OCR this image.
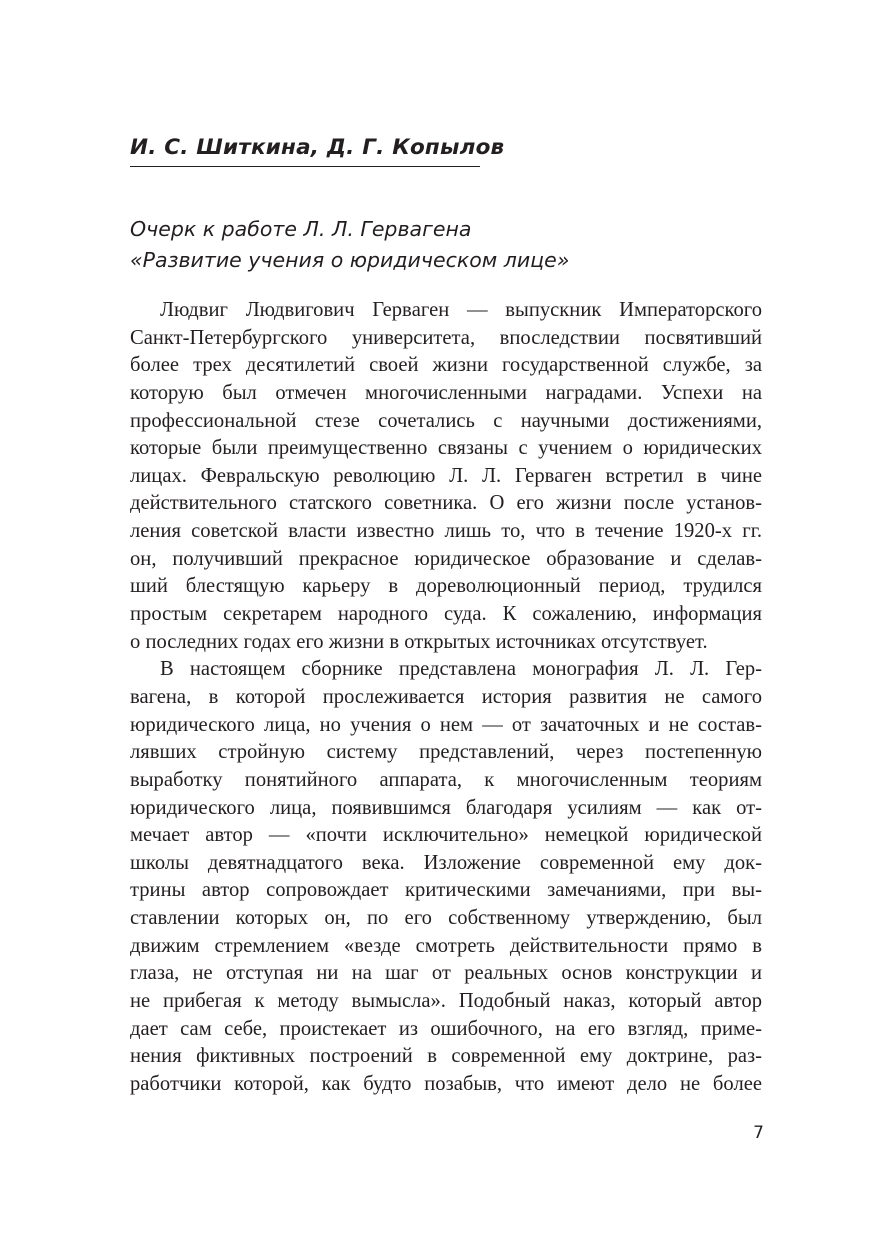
И. С. Шиткина, Д. Г. Копылов
Очерк к работе Л. Л. Гервагена
«Развитие учения о юридическом лице»
Людвиг Людвигович Гервaген — выпускник Императорского
Санкт-Петербургского университета, впоследствии посвятивший
более трех десятилетий своей жизни государственной службе, за
которую был отмечен многочисленными наградами. Успехи на
профессиональной стезе сочетались с научными достижениями,
которые были преимущественно связаны с учением о юридических
лицах. Февральскую революцию Л. Л. Гервaген встретил в чине
действительного статского советника. О его жизни после установ-
ления советской власти известно лишь то, что в течение 1920-х гг.
он, получивший прекрасное юридическое образование и сделав-
ший блестящую карьеру в дореволюционный период, трудился
простым секретарем народного суда. К сожалению, информация
о последних годах его жизни в открытых источниках отсутствует.
В настоящем сборнике представлена монография Л. Л. Гер-
вагена, в которой прослеживается история развития не самого
юридического лица, но учения о нем — от зачаточных и не состав-
лявших стройную систему представлений, через постепенную
выработку понятийного аппарата, к многочисленным теориям
юридического лица, появившимся благодаря усилиям — как от-
мечает автор — «почти исключительно» немецкой юридической
школы девятнадцатого века. Изложение современной ему док-
трины автор сопровождает критическими замечаниями, при вы-
ставлении которых он, по его собственному утверждению, был
движим стремлением «везде смотреть действительности прямо в
глаза, не отступая ни на шаг от реальных основ конструкции и
не прибегая к методу вымысла». Подобный наказ, который автор
дает сам себе, проистекает из ошибочного, на его взгляд, приме-
нения фиктивных построений в современной ему доктрине, раз-
работчики которой, как будто позабыв, что имеют дело не более
7
